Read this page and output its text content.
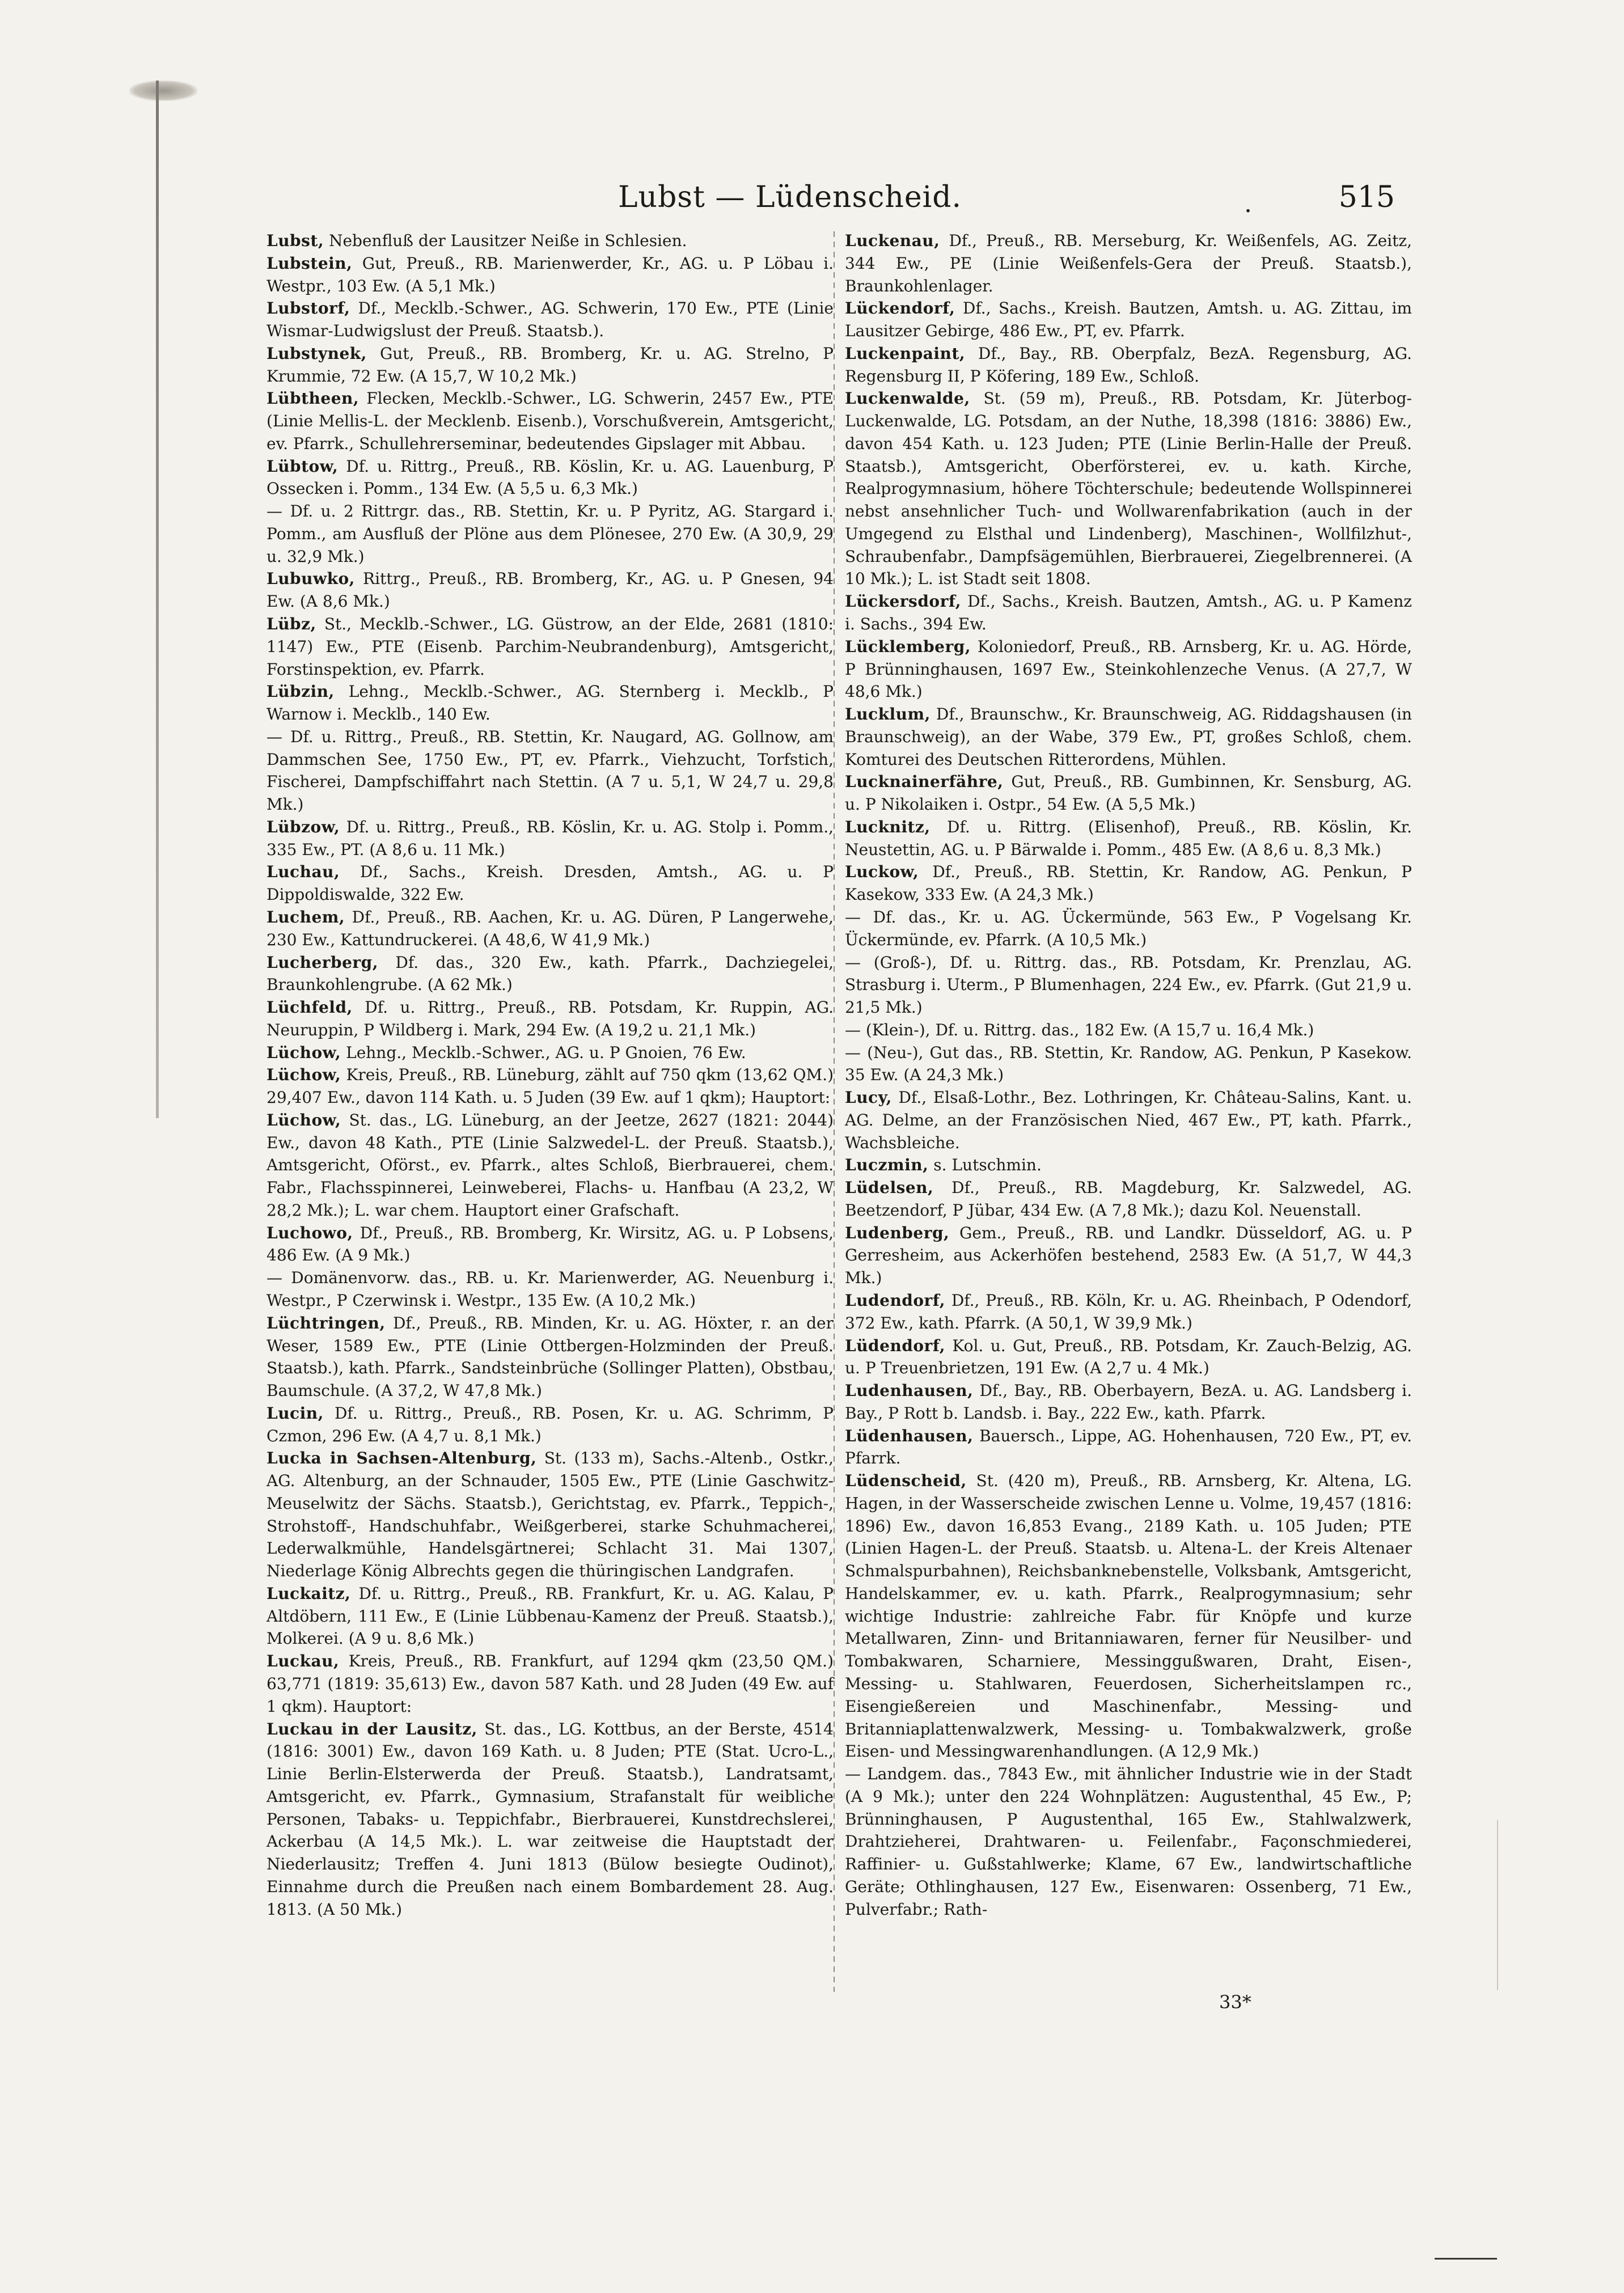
Lubst — Lüdenscheid.	.	515

Lubst, Nebenfluß der Lausitzer Neiße in Schlesien.

Lubstein, Gut, Preuß., RB. Marienwerder, Kr., AG. u. P Löbau i. Westpr., 103 Ew. (A 5,1 Mk.)

Lubstorf, Df., Mecklb.-Schwer., AG. Schwerin, 170 Ew., PTE (Linie Wismar-Ludwigslust der Preuß. Staatsb.).

Lubstynek, Gut, Preuß., RB. Bromberg, Kr. u. AG. Strelno, P Krummie, 72 Ew. (A 15,7, W 10,2 Mk.)

Lübtheen, Flecken, Mecklb.-Schwer., LG. Schwerin, 2457 Ew., PTE (Linie Mellis-L. der Mecklenb. Eisenb.), Vorschußverein, Amtsgericht, ev. Pfarrk., Schullehrerseminar, bedeutendes Gipslager mit Abbau.

Lübtow, Df. u. Rittrg., Preuß., RB. Köslin, Kr. u. AG. Lauenburg, P Ossecken i. Pomm., 134 Ew. (A 5,5 u. 6,3 Mk.)

— Df. u. 2 Rittrgr. das., RB. Stettin, Kr. u. P Pyritz, AG. Stargard i. Pomm., am Ausfluß der Plöne aus dem Plönesee, 270 Ew. (A 30,9, 29 u. 32,9 Mk.)

Lubuwko, Rittrg., Preuß., RB. Bromberg, Kr., AG. u. P Gnesen, 94 Ew. (A 8,6 Mk.)

Lübz, St., Mecklb.-Schwer., LG. Güstrow, an der Elde, 2681 (1810: 1147) Ew., PTE (Eisenb. Parchim-Neubrandenburg), Amtsgericht, Forstinspektion, ev. Pfarrk.

Lübzin, Lehng., Mecklb.-Schwer., AG. Sternberg i. Mecklb., P Warnow i. Mecklb., 140 Ew.

— Df. u. Rittrg., Preuß., RB. Stettin, Kr. Naugard, AG. Gollnow, am Dammschen See, 1750 Ew., PT, ev. Pfarrk., Viehzucht, Torfstich, Fischerei, Dampfschiffahrt nach Stettin. (A 7 u. 5,1, W 24,7 u. 29,8 Mk.)

Lübzow, Df. u. Rittrg., Preuß., RB. Köslin, Kr. u. AG. Stolp i. Pomm., 335 Ew., PT. (A 8,6 u. 11 Mk.)

Luchau, Df., Sachs., Kreish. Dresden, Amtsh., AG. u. P Dippoldiswalde, 322 Ew.

Luchem, Df., Preuß., RB. Aachen, Kr. u. AG. Düren, P Langerwehe, 230 Ew., Kattundruckerei. (A 48,6, W 41,9 Mk.)

Lucherberg, Df. das., 320 Ew., kath. Pfarrk., Dachziegelei, Braunkohlengrube. (A 62 Mk.)

Lüchfeld, Df. u. Rittrg., Preuß., RB. Potsdam, Kr. Ruppin, AG. Neuruppin, P Wildberg i. Mark, 294 Ew. (A 19,2 u. 21,1 Mk.)

Lüchow, Lehng., Mecklb.-Schwer., AG. u. P Gnoien, 76 Ew.

Lüchow, Kreis, Preuß., RB. Lüneburg, zählt auf 750 qkm (13,62 QM.) 29,407 Ew., davon 114 Kath. u. 5 Juden (39 Ew. auf 1 qkm); Hauptort:

Lüchow, St. das., LG. Lüneburg, an der Jeetze, 2627 (1821: 2044) Ew., davon 48 Kath., PTE (Linie Salzwedel-L. der Preuß. Staatsb.), Amtsgericht, Oförst., ev. Pfarrk., altes Schloß, Bierbrauerei, chem. Fabr., Flachsspinnerei, Leinweberei, Flachs- u. Hanfbau (A 23,2, W 28,2 Mk.); L. war chem. Hauptort einer Grafschaft.

Luchowo, Df., Preuß., RB. Bromberg, Kr. Wirsitz, AG. u. P Lobsens, 486 Ew. (A 9 Mk.)

— Domänenvorw. das., RB. u. Kr. Marienwerder, AG. Neuenburg i. Westpr., P Czerwinsk i. Westpr., 135 Ew. (A 10,2 Mk.)

Lüchtringen, Df., Preuß., RB. Minden, Kr. u. AG. Höxter, r. an der Weser, 1589 Ew., PTE (Linie Ottbergen-Holzminden der Preuß. Staatsb.), kath. Pfarrk., Sandsteinbrüche (Sollinger Platten), Obstbau, Baumschule. (A 37,2, W 47,8 Mk.)

Lucin, Df. u. Rittrg., Preuß., RB. Posen, Kr. u. AG. Schrimm, P Czmon, 296 Ew. (A 4,7 u. 8,1 Mk.)

Lucka in Sachsen-Altenburg, St. (133 m), Sachs.-Altenb., Ostkr., AG. Altenburg, an der Schnauder, 1505 Ew., PTE (Linie Gaschwitz-Meuselwitz der Sächs. Staatsb.), Gerichtstag, ev. Pfarrk., Teppich-, Strohstoff-, Handschuhfabr., Weißgerberei, starke Schuhmacherei, Lederwalkmühle, Handelsgärtnerei; Schlacht 31. Mai 1307, Niederlage König Albrechts gegen die thüringischen Landgrafen.

Luckaitz, Df. u. Rittrg., Preuß., RB. Frankfurt, Kr. u. AG. Kalau, P Altdöbern, 111 Ew., E (Linie Lübbenau-Kamenz der Preuß. Staatsb.), Molkerei. (A 9 u. 8,6 Mk.)

Luckau, Kreis, Preuß., RB. Frankfurt, auf 1294 qkm (23,50 QM.) 63,771 (1819: 35,613) Ew., davon 587 Kath. und 28 Juden (49 Ew. auf 1 qkm). Hauptort:

Luckau in der Lausitz, St. das., LG. Kottbus, an der Berste, 4514 (1816: 3001) Ew., davon 169 Kath. u. 8 Juden; PTE (Stat. Ucro-L., Linie Berlin-Elsterwerda der Preuß. Staatsb.), Landratsamt, Amtsgericht, ev. Pfarrk., Gymnasium, Strafanstalt für weibliche Personen, Tabaks- u. Teppichfabr., Bierbrauerei, Kunstdrechslerei, Ackerbau (A 14,5 Mk.). L. war zeitweise die Hauptstadt der Niederlausitz; Treffen 4. Juni 1813 (Bülow besiegte Oudinot), Einnahme durch die Preußen nach einem Bombardement 28. Aug. 1813. (A 50 Mk.)

Luckenau, Df., Preuß., RB. Merseburg, Kr. Weißenfels, AG. Zeitz, 344 Ew., PE (Linie Weißenfels-Gera der Preuß. Staatsb.), Braunkohlenlager.

Lückendorf, Df., Sachs., Kreish. Bautzen, Amtsh. u. AG. Zittau, im Lausitzer Gebirge, 486 Ew., PT, ev. Pfarrk.

Luckenpaint, Df., Bay., RB. Oberpfalz, BezA. Regensburg, AG. Regensburg II, P Köfering, 189 Ew., Schloß.

Luckenwalde, St. (59 m), Preuß., RB. Potsdam, Kr. Jüterbog-Luckenwalde, LG. Potsdam, an der Nuthe, 18,398 (1816: 3886) Ew., davon 454 Kath. u. 123 Juden; PTE (Linie Berlin-Halle der Preuß. Staatsb.), Amtsgericht, Oberförsterei, ev. u. kath. Kirche, Realprogymnasium, höhere Töchterschule; bedeutende Wollspinnerei nebst ansehnlicher Tuch- und Wollwarenfabrikation (auch in der Umgegend zu Elsthal und Lindenberg), Maschinen-, Wollfilzhut-, Schraubenfabr., Dampfsägemühlen, Bierbrauerei, Ziegelbrennerei. (A 10 Mk.); L. ist Stadt seit 1808.

Lückersdorf, Df., Sachs., Kreish. Bautzen, Amtsh., AG. u. P Kamenz i. Sachs., 394 Ew.

Lücklemberg, Koloniedorf, Preuß., RB. Arnsberg, Kr. u. AG. Hörde, P Brünninghausen, 1697 Ew., Steinkohlenzeche Venus. (A 27,7, W 48,6 Mk.)

Lucklum, Df., Braunschw., Kr. Braunschweig, AG. Riddagshausen (in Braunschweig), an der Wabe, 379 Ew., PT, großes Schloß, chem. Komturei des Deutschen Ritterordens, Mühlen.

Lucknainerfähre, Gut, Preuß., RB. Gumbinnen, Kr. Sensburg, AG. u. P Nikolaiken i. Ostpr., 54 Ew. (A 5,5 Mk.)

Lucknitz, Df. u. Rittrg. (Elisenhof), Preuß., RB. Köslin, Kr. Neustettin, AG. u. P Bärwalde i. Pomm., 485 Ew. (A 8,6 u. 8,3 Mk.)

Luckow, Df., Preuß., RB. Stettin, Kr. Randow, AG. Penkun, P Kasekow, 333 Ew. (A 24,3 Mk.)

— Df. das., Kr. u. AG. Ückermünde, 563 Ew., P Vogelsang Kr. Ückermünde, ev. Pfarrk. (A 10,5 Mk.)

— (Groß-), Df. u. Rittrg. das., RB. Potsdam, Kr. Prenzlau, AG. Strasburg i. Uterm., P Blumenhagen, 224 Ew., ev. Pfarrk. (Gut 21,9 u. 21,5 Mk.)

— (Klein-), Df. u. Rittrg. das., 182 Ew. (A 15,7 u. 16,4 Mk.)

— (Neu-), Gut das., RB. Stettin, Kr. Randow, AG. Penkun, P Kasekow. 35 Ew. (A 24,3 Mk.)

Lucy, Df., Elsaß-Lothr., Bez. Lothringen, Kr. Château-Salins, Kant. u. AG. Delme, an der Französischen Nied, 467 Ew., PT, kath. Pfarrk., Wachsbleiche.

Luczmin, s. Lutschmin.

Lüdelsen, Df., Preuß., RB. Magdeburg, Kr. Salzwedel, AG. Beetzendorf, P Jübar, 434 Ew. (A 7,8 Mk.); dazu Kol. Neuenstall.

Ludenberg, Gem., Preuß., RB. und Landkr. Düsseldorf, AG. u. P Gerresheim, aus Ackerhöfen bestehend, 2583 Ew. (A 51,7, W 44,3 Mk.)

Ludendorf, Df., Preuß., RB. Köln, Kr. u. AG. Rheinbach, P Odendorf, 372 Ew., kath. Pfarrk. (A 50,1, W 39,9 Mk.)

Lüdendorf, Kol. u. Gut, Preuß., RB. Potsdam, Kr. Zauch-Belzig, AG. u. P Treuenbrietzen, 191 Ew. (A 2,7 u. 4 Mk.)

Ludenhausen, Df., Bay., RB. Oberbayern, BezA. u. AG. Landsberg i. Bay., P Rott b. Landsb. i. Bay., 222 Ew., kath. Pfarrk.

Lüdenhausen, Bauersch., Lippe, AG. Hohenhausen, 720 Ew., PT, ev. Pfarrk.

Lüdenscheid, St. (420 m), Preuß., RB. Arnsberg, Kr. Altena, LG. Hagen, in der Wasserscheide zwischen Lenne u. Volme, 19,457 (1816: 1896) Ew., davon 16,853 Evang., 2189 Kath. u. 105 Juden; PTE (Linien Hagen-L. der Preuß. Staatsb. u. Altena-L. der Kreis Altenaer Schmalspurbahnen), Reichsbanknebenstelle, Volksbank, Amtsgericht, Handelskammer, ev. u. kath. Pfarrk., Realprogymnasium; sehr wichtige Industrie: zahlreiche Fabr. für Knöpfe und kurze Metallwaren, Zinn- und Britanniawaren, ferner für Neusilber- und Tombakwaren, Scharniere, Messinggußwaren, Draht, Eisen-, Messing- u. Stahlwaren, Feuerdosen, Sicherheitslampen rc., Eisengießereien und Maschinenfabr., Messing- und Britanniaplattenwalzwerk, Messing- u. Tombakwalzwerk, große Eisen- und Messingwarenhandlungen. (A 12,9 Mk.)

— Landgem. das., 7843 Ew., mit ähnlicher Industrie wie in der Stadt (A 9 Mk.); unter den 224 Wohnplätzen: Augustenthal, 45 Ew., P; Brünninghausen, P Augustenthal, 165 Ew., Stahlwalzwerk, Drahtzieherei, Drahtwaren- u. Feilenfabr., Façonschmiederei, Raffinier- u. Gußstahlwerke; Klame, 67 Ew., landwirtschaftliche Geräte; Othlinghausen, 127 Ew., Eisenwaren: Ossenberg, 71 Ew., Pulverfabr.; Rath-

33*
